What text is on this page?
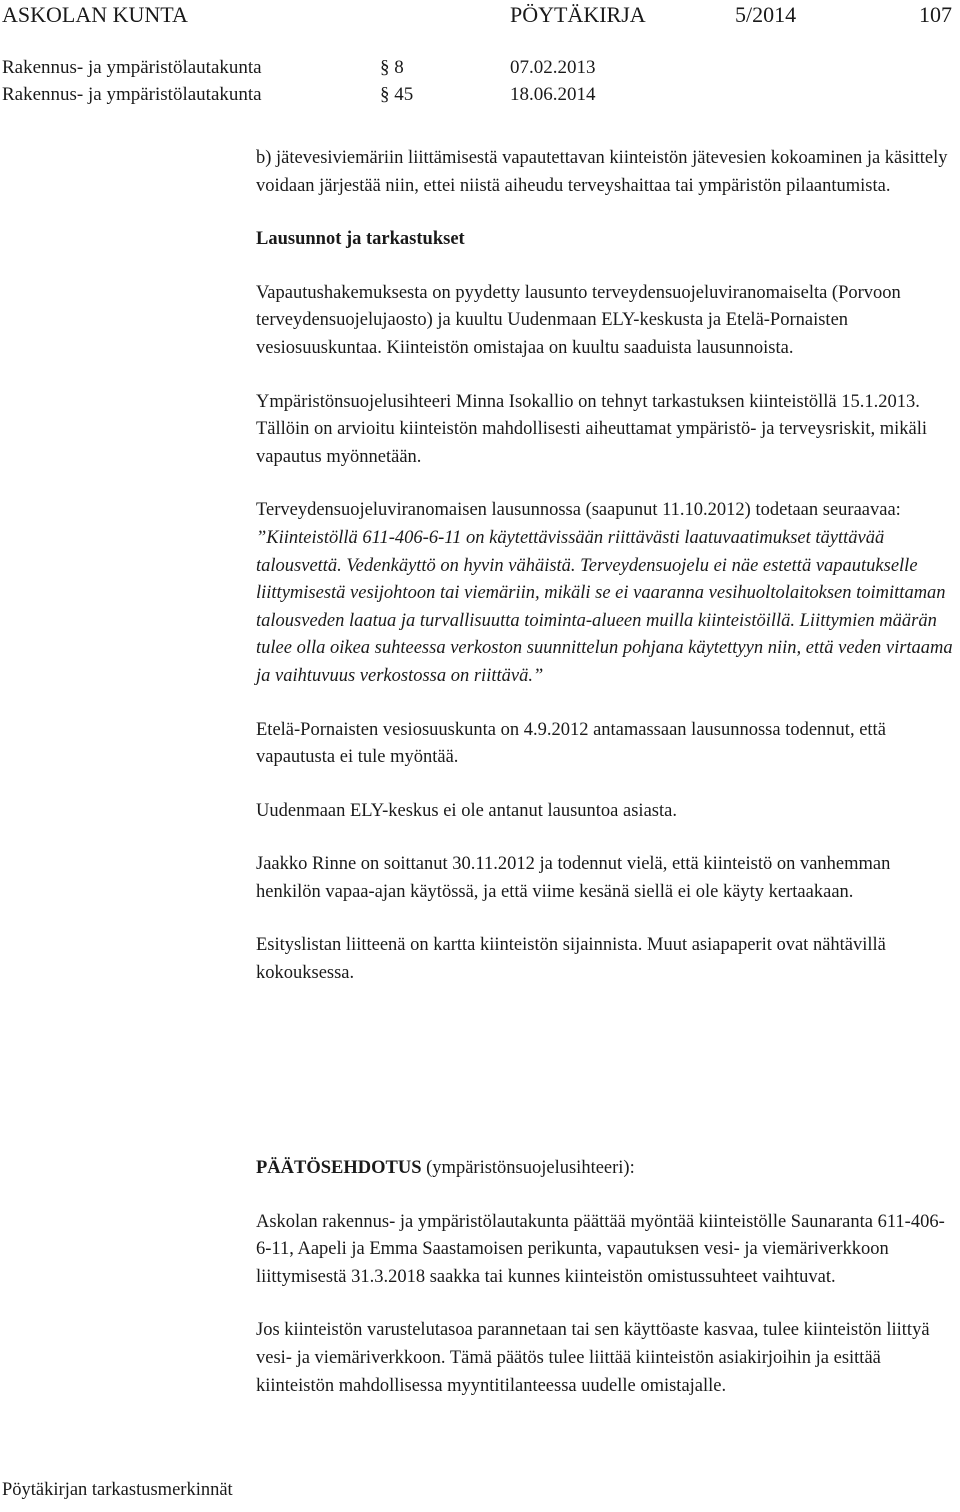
ASKOLAN KUNTA	PÖYTÄKIRJA	5/2014	107
Rakennus- ja ympäristölautakunta	§ 8	07.02.2013
Rakennus- ja ympäristölautakunta	§ 45	18.06.2014

b) jätevesiviemäriin liittämisestä vapautettavan kiinteistön jätevesien kokoaminen ja käsittely voidaan järjestää niin, ettei niistä aiheudu terveyshaittaa tai ympäristön pilaantumista.

Lausunnot ja tarkastukset

Vapautushakemuksesta on pyydetty lausunto terveydensuojeluviranomaiselta (Porvoon terveydensuojelujaosto) ja kuultu Uudenmaan ELY-keskusta ja Etelä-Pornaisten vesiosuuskuntaa. Kiinteistön omistajaa on kuultu saaduista lausunnoista.

Ympäristönsuojelusihteeri Minna Isokallio on tehnyt tarkastuksen kiinteistöllä 15.1.2013. Tällöin on arvioitu kiinteistön mahdollisesti aiheuttamat ympäristö- ja terveysriskit, mikäli vapautus myönnetään.

Terveydensuojeluviranomaisen lausunnossa (saapunut 11.10.2012) todetaan seuraavaa: ”Kiinteistöllä 611-406-6-11 on käytettävissään riittävästi laatuvaatimukset täyttävää talousvettä. Vedenkäyttö on hyvin vähäistä. Terveydensuojelu ei näe estettä vapautukselle liittymisestä vesijohtoon tai viemäriin, mikäli se ei vaaranna vesihuoltolaitoksen toimittaman talousveden laatua ja turvallisuutta toiminta-alueen muilla kiinteistöillä. Liittymien määrän tulee olla oikea suhteessa verkoston suunnittelun pohjana käytettyyn niin, että veden virtaama ja vaihtuvuus verkostossa on riittävä.”

Etelä-Pornaisten vesiosuuskunta on 4.9.2012 antamassaan lausunnossa todennut, että vapautusta ei tule myöntää.

Uudenmaan ELY-keskus ei ole antanut lausuntoa asiasta.

Jaakko Rinne on soittanut 30.11.2012 ja todennut vielä, että kiinteistö on vanhemman henkilön vapaa-ajan käytössä, ja että viime kesänä siellä ei ole käyty kertaakaan.

Esityslistan liitteenä on kartta kiinteistön sijainnista. Muut asiapaperit ovat nähtävillä kokouksessa.

PÄÄTÖSEHDOTUS (ympäristönsuojelusihteeri):

Askolan rakennus- ja ympäristölautakunta päättää myöntää kiinteistölle Saunaranta 611-406-6-11, Aapeli ja Emma Saastamoisen perikunta, vapautuksen vesi- ja viemäriverkkoon liittymisestä 31.3.2018 saakka tai kunnes kiinteistön omistussuhteet vaihtuvat.

Jos kiinteistön varustelutasoa parannetaan tai sen käyttöaste kasvaa, tulee kiinteistön liittyä vesi- ja viemäriverkkoon. Tämä päätös tulee liittää kiinteistön asiakirjoihin ja esittää kiinteistön mahdollisessa myyntitilanteessa uudelle omistajalle.

Pöytäkirjan tarkastusmerkinnät
